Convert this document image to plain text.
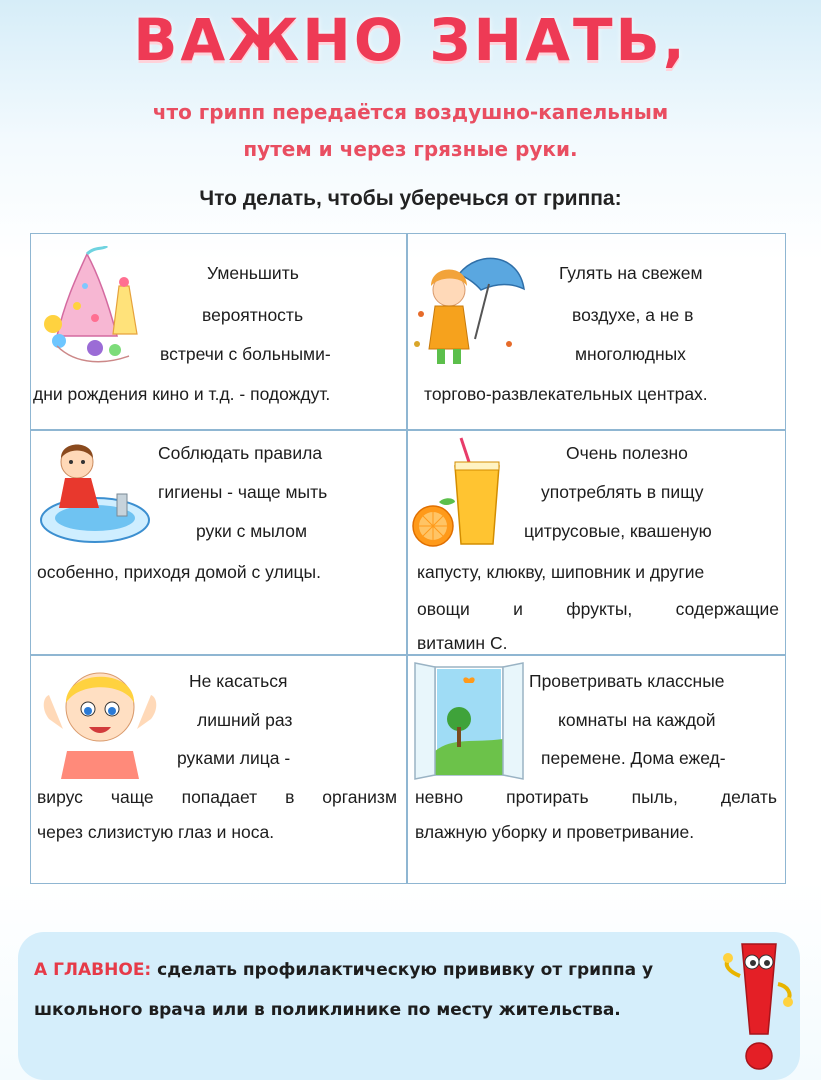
ВАЖНО ЗНАТЬ,
что грипп передаётся воздушно-капельным
путем и через грязные руки.
Что делать, чтобы уберечься от гриппа:
Уменьшить
вероятность
встречи с больными-
дни рождения кино и т.д. - подождут.
Гулять на свежем
воздухе, а не в
многолюдных
торгово-развлекательных центрах.
Соблюдать правила
гигиены - чаще мыть
руки с мылом
особенно, приходя домой с улицы.
Очень полезно
употреблять в пищу
цитрусовые, квашеную
капусту, клюкву, шиповник и другие
овощи и фрукты, содержащие
витамин С.
Не касаться
лишний раз
руками лица -
вирус чаще попадает в организм
через слизистую глаз и носа.
Проветривать классные
комнаты на каждой
перемене. Дома ежед-
невно протирать пыль, делать
влажную уборку и проветривание.
А ГЛАВНОЕ: сделать профилактическую прививку от гриппа у школьного врача или в поликлинике по месту жительства.
